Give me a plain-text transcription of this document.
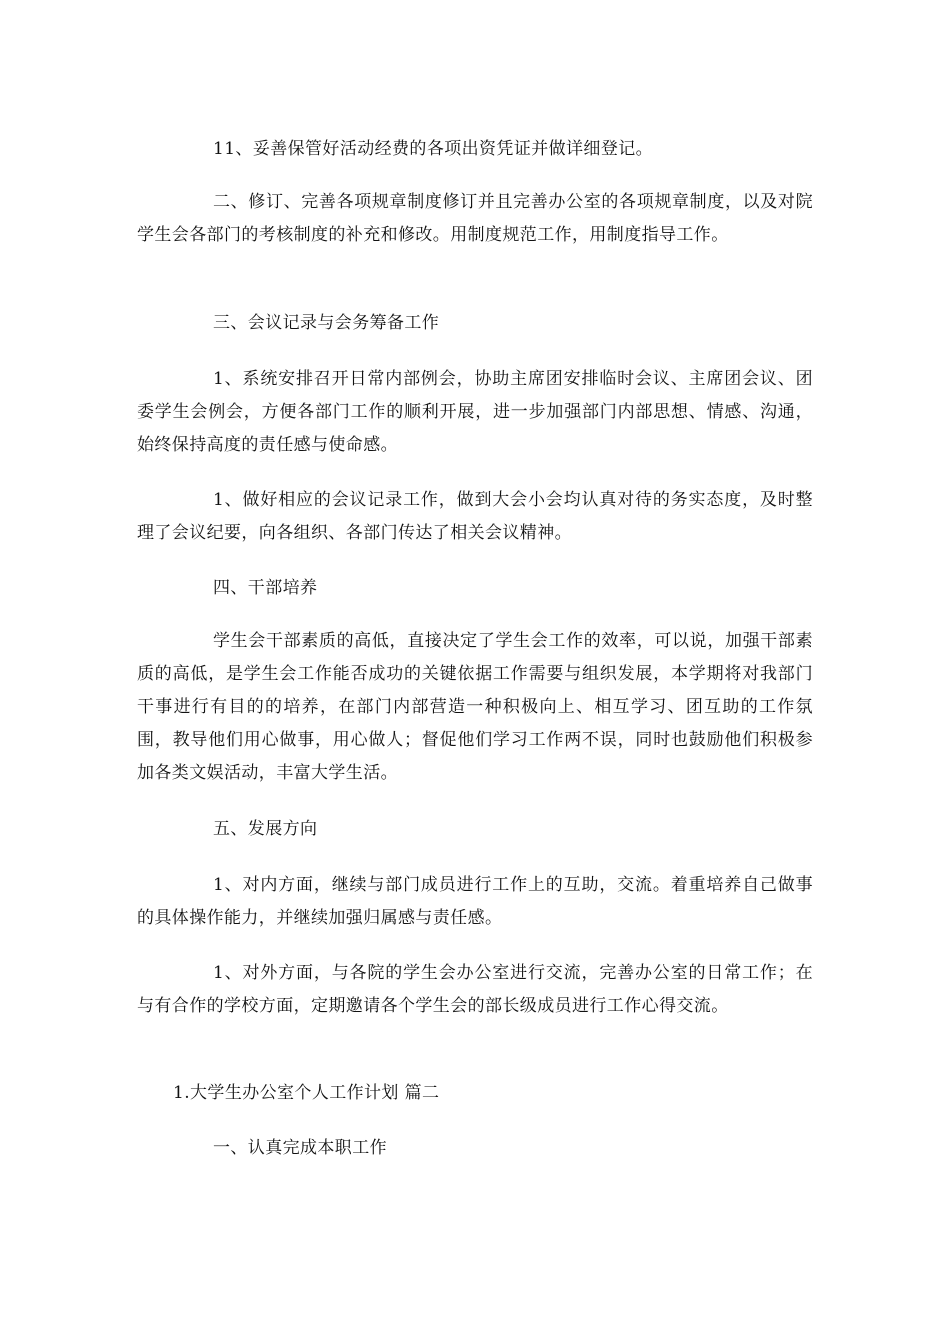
11、妥善保管好活动经费的各项出资凭证并做详细登记。

二、修订、完善各项规章制度修订并且完善办公室的各项规章制度，以及对院学生会各部门的考核制度的补充和修改。用制度规范工作，用制度指导工作。

三、会议记录与会务筹备工作

1、系统安排召开日常内部例会，协助主席团安排临时会议、主席团会议、团委学生会例会，方便各部门工作的顺利开展，进一步加强部门内部思想、情感、沟通，始终保持高度的责任感与使命感。

1、做好相应的会议记录工作，做到大会小会均认真对待的务实态度，及时整理了会议纪要，向各组织、各部门传达了相关会议精神。

四、干部培养

学生会干部素质的高低，直接决定了学生会工作的效率，可以说，加强干部素质的高低，是学生会工作能否成功的关键依据工作需要与组织发展，本学期将对我部门干事进行有目的的培养，在部门内部营造一种积极向上、相互学习、团互助的工作氛围，教导他们用心做事，用心做人；督促他们学习工作两不误，同时也鼓励他们积极参加各类文娱活动，丰富大学生活。

五、发展方向

1、对内方面，继续与部门成员进行工作上的互助，交流。着重培养自己做事的具体操作能力，并继续加强归属感与责任感。

1、对外方面，与各院的学生会办公室进行交流，完善办公室的日常工作；在与有合作的学校方面，定期邀请各个学生会的部长级成员进行工作心得交流。

1.大学生办公室个人工作计划 篇二

一、认真完成本职工作
